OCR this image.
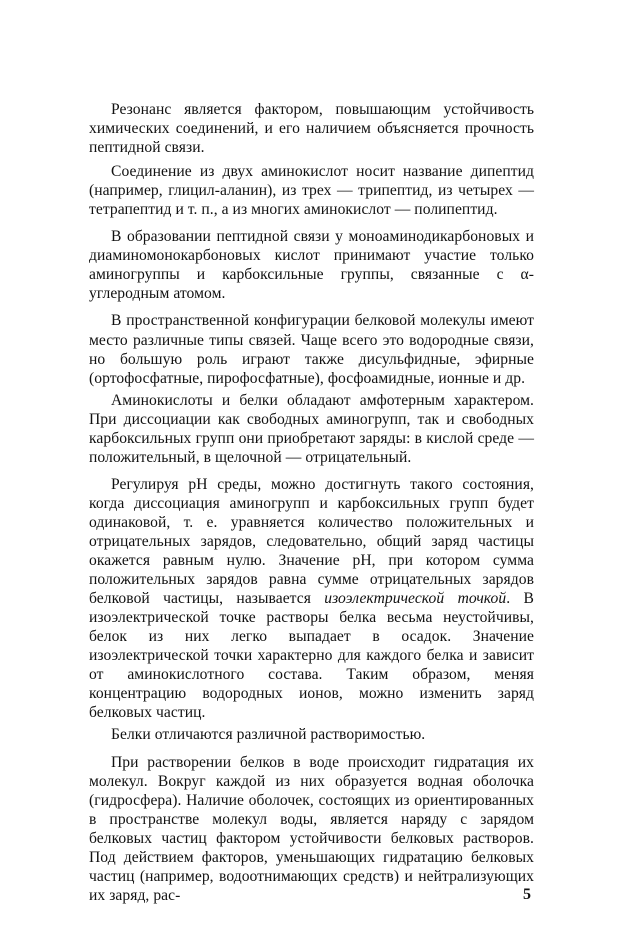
Резонанс является фактором, повышающим устойчивость химических соединений, и его наличием объясняется прочность пептидной связи.

Соединение из двух аминокислот носит название дипептид (например, глицил-аланин), из трех — трипептид, из четырех — тетрапептид и т. п., а из многих аминокислот — полипептид.

В образовании пептидной связи у моноаминодикарбоновых и диаминомонокарбоновых кислот принимают участие только аминогруппы и карбоксильные группы, связанные с α-углеродным атомом.

В пространственной конфигурации белковой молекулы имеют место различные типы связей. Чаще всего это водородные связи, но большую роль играют также дисульфидные, эфирные (ортофосфатные, пирофосфатные), фосфоамидные, ионные и др.

Аминокислоты и белки обладают амфотерным характером. При диссоциации как свободных аминогрупп, так и свободных карбоксильных групп они приобретают заряды: в кислой среде — положительный, в щелочной — отрицательный.

Регулируя рН среды, можно достигнуть такого состояния, когда диссоциация аминогрупп и карбоксильных групп будет одинаковой, т. е. уравняется количество положительных и отрицательных зарядов, следовательно, общий заряд частицы окажется равным нулю. Значение рН, при котором сумма положительных зарядов равна сумме отрицательных зарядов белковой частицы, называется изоэлектрической точкой. В изоэлектрической точке растворы белка весьма неустойчивы, белок из них легко выпадает в осадок. Значение изоэлектрической точки характерно для каждого белка и зависит от аминокислотного состава. Таким образом, меняя концентрацию водородных ионов, можно изменить заряд белковых частиц.

Белки отличаются различной растворимостью.

При растворении белков в воде происходит гидратация их молекул. Вокруг каждой из них образуется водная оболочка (гидросфера). Наличие оболочек, состоящих из ориентированных в пространстве молекул воды, является наряду с зарядом белковых частиц фактором устойчивости белковых растворов. Под действием факторов, уменьшающих гидратацию белковых частиц (например, водоотнимающих средств) и нейтрализующих их заряд, рас-	5
